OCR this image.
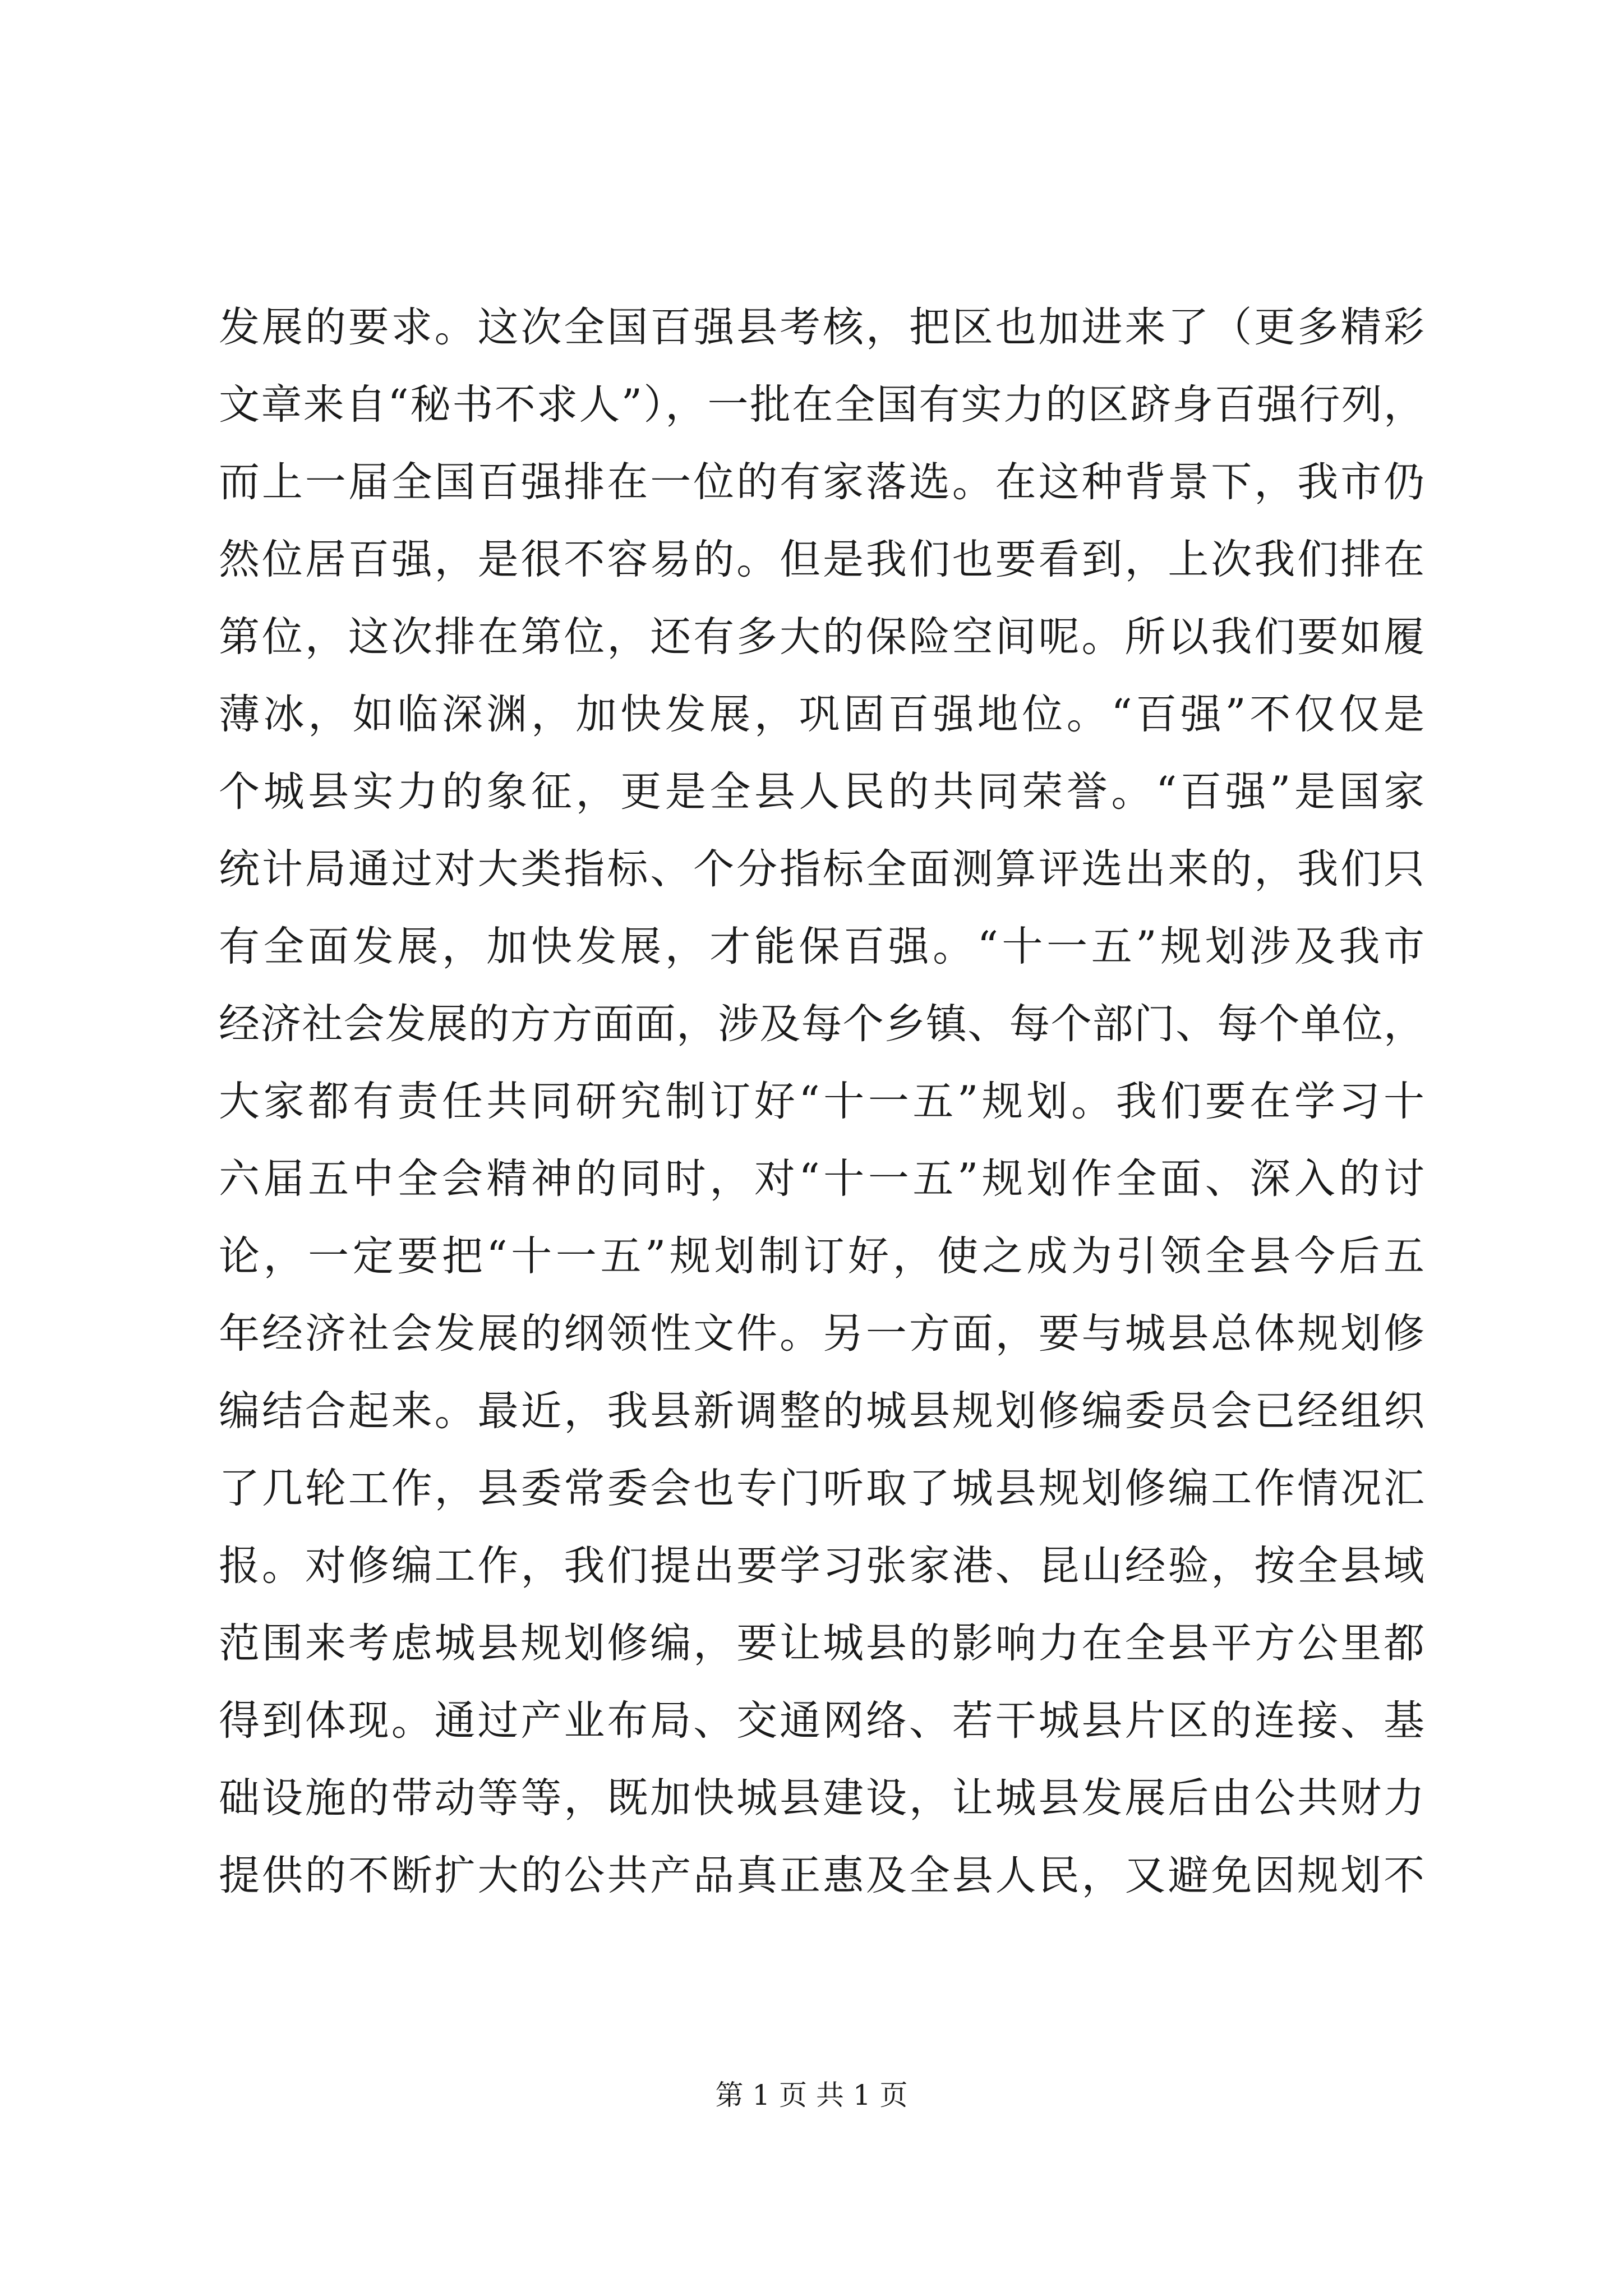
发展的要求。这次全国百强县考核，把区也加进来了（更多精彩
文章来自“秘书不求人”），一批在全国有实力的区跻身百强行列，
而上一届全国百强排在一位的有家落选。在这种背景下，我市仍
然位居百强，是很不容易的。但是我们也要看到，上次我们排在
第位，这次排在第位，还有多大的保险空间呢。所以我们要如履
薄冰，如临深渊，加快发展，巩固百强地位。“百强”不仅仅是
个城县实力的象征，更是全县人民的共同荣誉。“百强”是国家
统计局通过对大类指标、个分指标全面测算评选出来的，我们只
有全面发展，加快发展，才能保百强。“十一五”规划涉及我市
经济社会发展的方方面面，涉及每个乡镇、每个部门、每个单位，
大家都有责任共同研究制订好“十一五”规划。我们要在学习十
六届五中全会精神的同时，对“十一五”规划作全面、深入的讨
论，一定要把“十一五”规划制订好，使之成为引领全县今后五
年经济社会发展的纲领性文件。另一方面，要与城县总体规划修
编结合起来。最近，我县新调整的城县规划修编委员会已经组织
了几轮工作，县委常委会也专门听取了城县规划修编工作情况汇
报。对修编工作，我们提出要学习张家港、昆山经验，按全县域
范围来考虑城县规划修编，要让城县的影响力在全县平方公里都
得到体现。通过产业布局、交通网络、若干城县片区的连接、基
础设施的带动等等，既加快城县建设，让城县发展后由公共财力
提供的不断扩大的公共产品真正惠及全县人民，又避免因规划不
第 1 页 共 1 页
